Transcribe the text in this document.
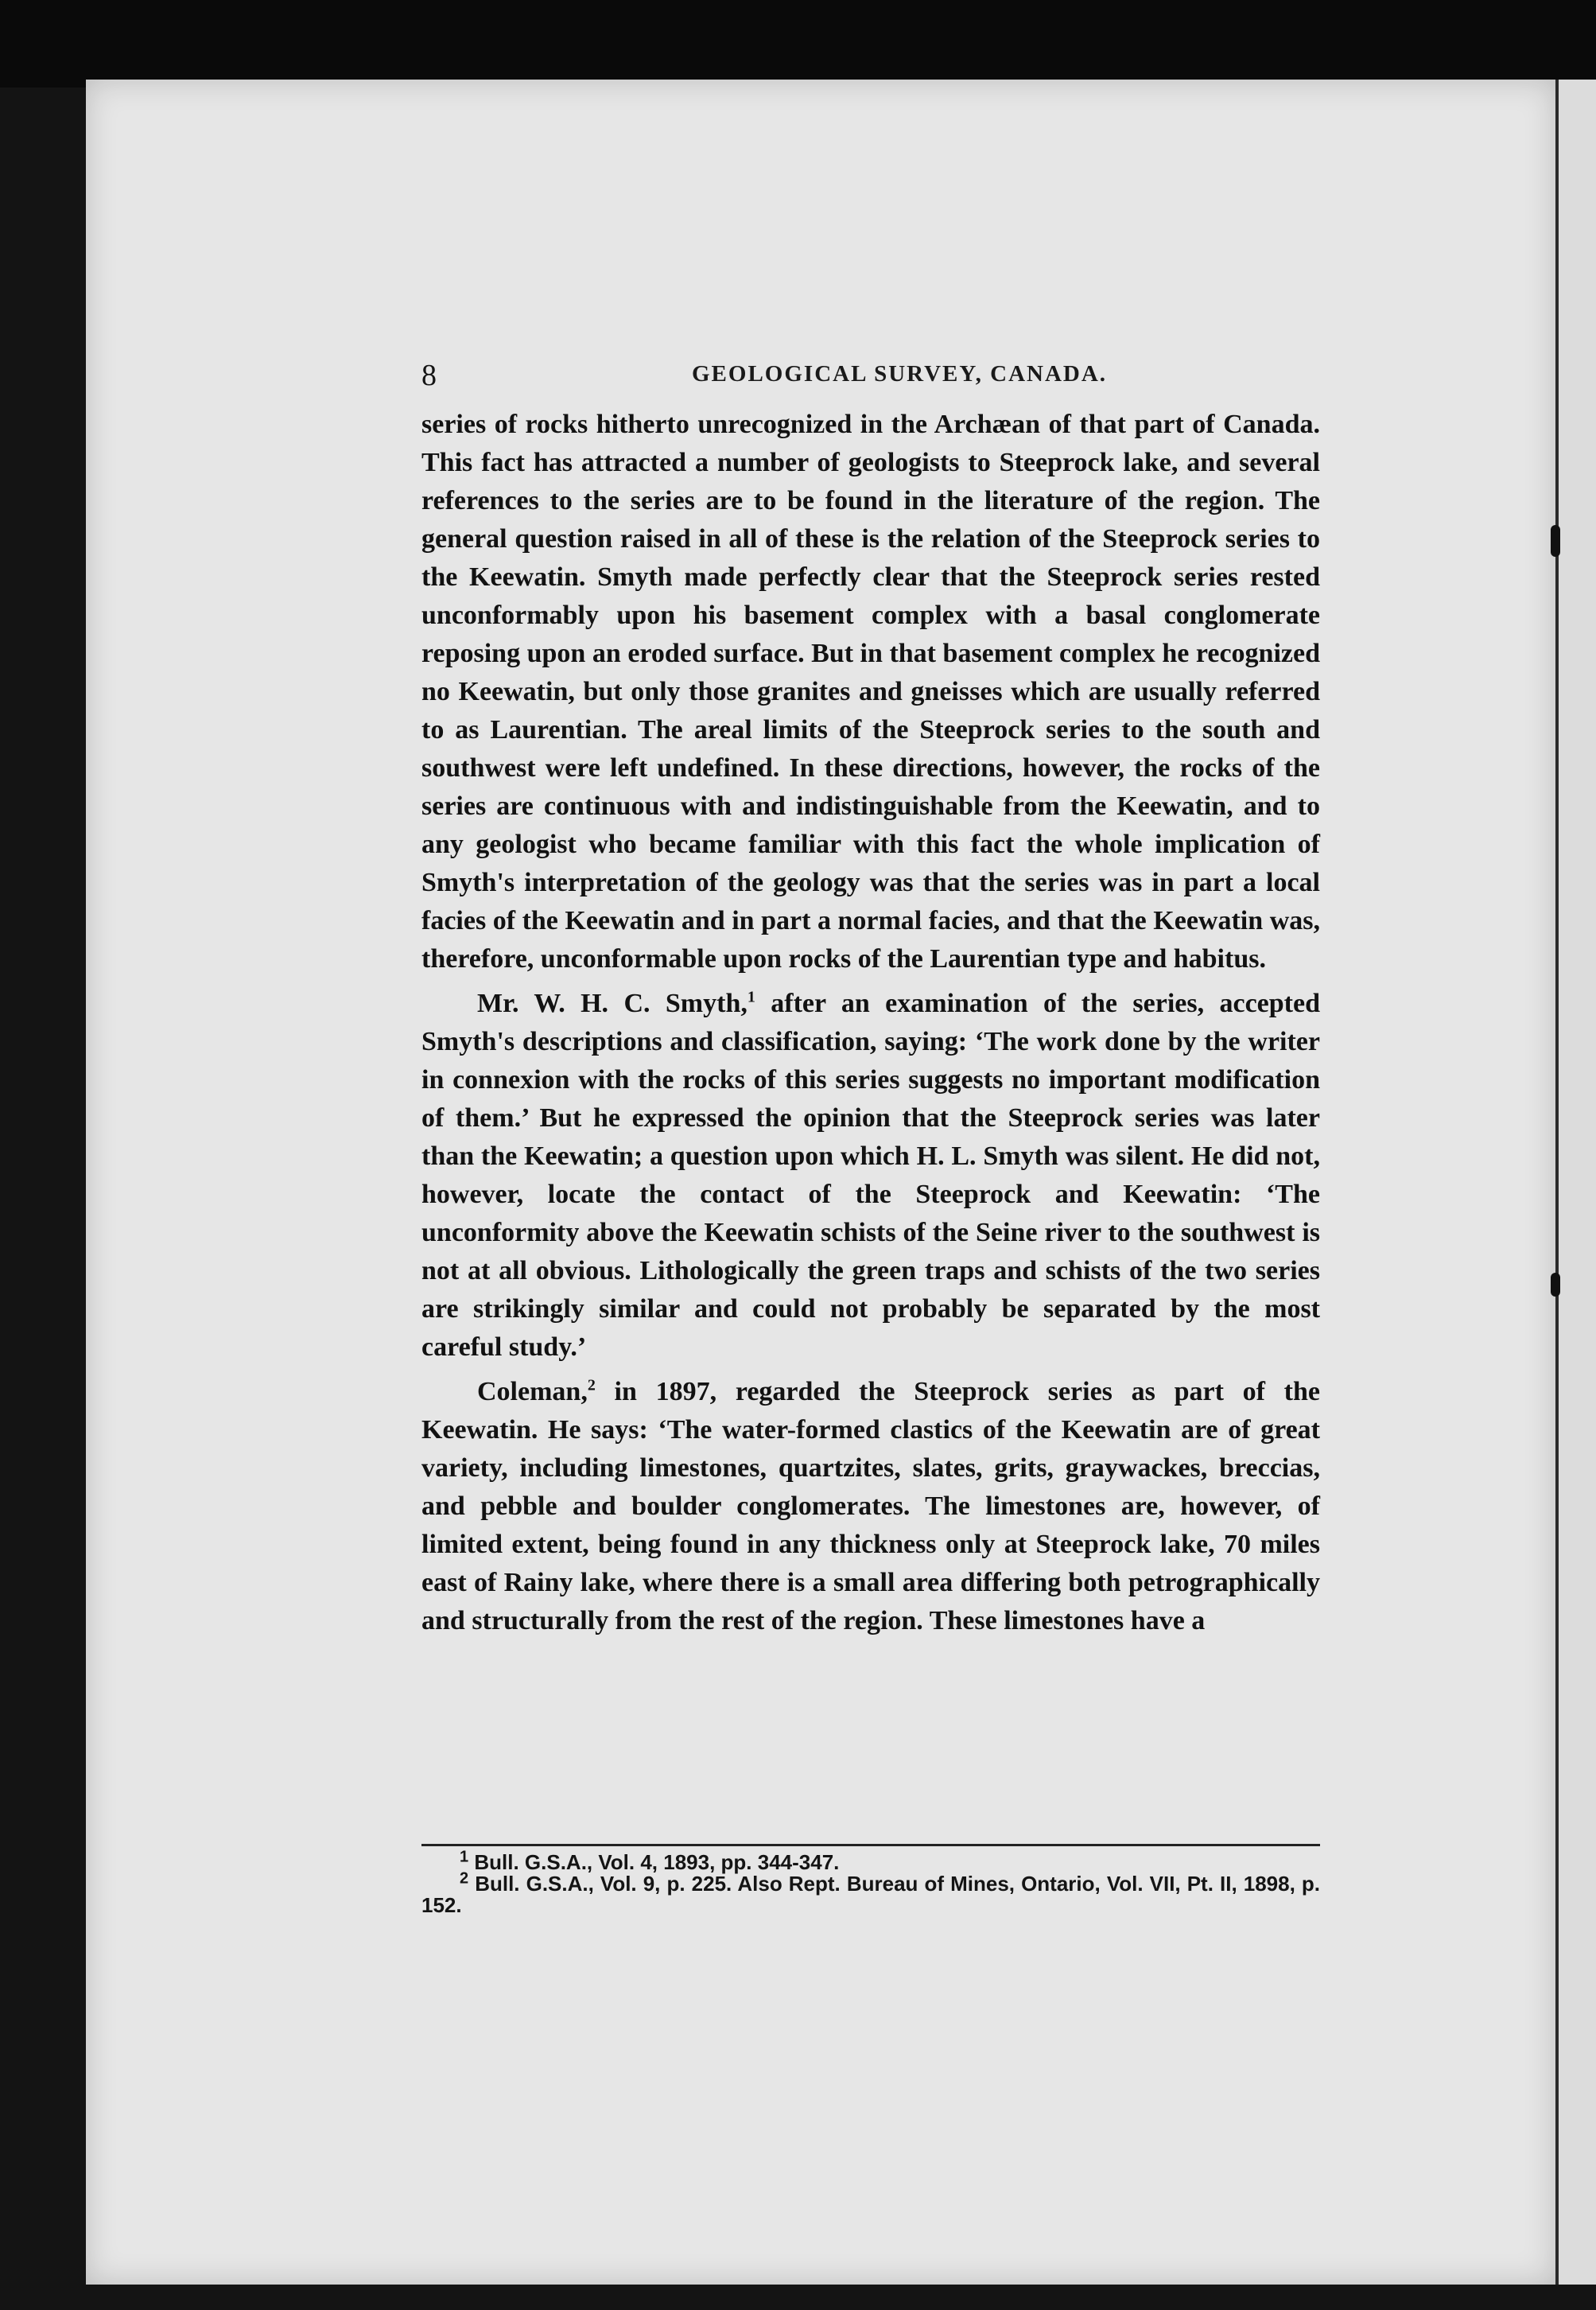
8	GEOLOGICAL SURVEY, CANADA.

series of rocks hitherto unrecognized in the Archæan of that part of Canada. This fact has attracted a number of geologists to Steeprock lake, and several references to the series are to be found in the literature of the region. The general question raised in all of these is the relation of the Steeprock series to the Keewatin. Smyth made perfectly clear that the Steeprock series rested unconformably upon his basement complex with a basal conglomerate reposing upon an eroded surface. But in that basement complex he recognized no Keewatin, but only those granites and gneisses which are usually referred to as Laurentian. The areal limits of the Steeprock series to the south and southwest were left undefined. In these directions, however, the rocks of the series are continuous with and indistinguishable from the Keewatin, and to any geologist who became familiar with this fact the whole implication of Smyth's interpretation of the geology was that the series was in part a local facies of the Keewatin and in part a normal facies, and that the Keewatin was, therefore, unconformable upon rocks of the Laurentian type and habitus.

Mr. W. H. C. Smyth,$^1$ after an examination of the series, accepted Smyth's descriptions and classification, saying: ‘The work done by the writer in connexion with the rocks of this series suggests no important modification of them.’ But he expressed the opinion that the Steeprock series was later than the Keewatin; a question upon which H. L. Smyth was silent. He did not, however, locate the contact of the Steeprock and Keewatin: ‘The unconformity above the Keewatin schists of the Seine river to the southwest is not at all obvious. Lithologically the green traps and schists of the two series are strikingly similar and could not probably be separated by the most careful study.’

Coleman,$^2$ in 1897, regarded the Steeprock series as part of the Keewatin. He says: ‘The water-formed clastics of the Keewatin are of great variety, including limestones, quartzites, slates, grits, graywackes, breccias, and pebble and boulder conglomerates. The limestones are, however, of limited extent, being found in any thickness only at Steeprock lake, 70 miles east of Rainy lake, where there is a small area differing both petrographically and structurally from the rest of the region. These limestones have a

$^1$ Bull. G.S.A., Vol. 4, 1893, pp. 344-347.
$^2$ Bull. G.S.A., Vol. 9, p. 225. Also Rept. Bureau of Mines, Ontario, Vol. VII, Pt. II, 1898, p. 152.
